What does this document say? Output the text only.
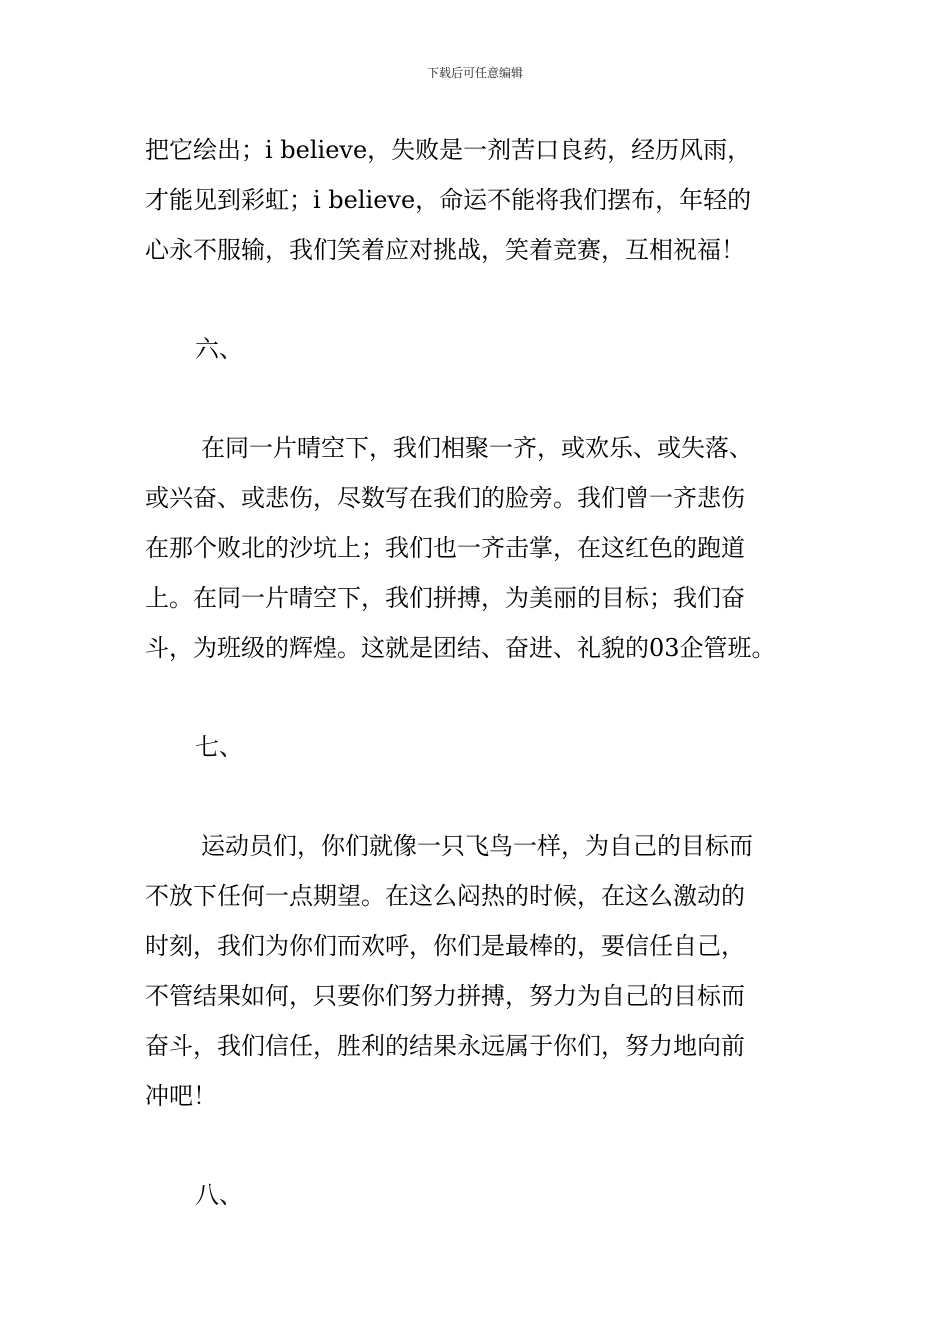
下载后可任意编辑
把它绘出；i believe，失败是一剂苦口良药，经历风雨，
才能见到彩虹；i believe，命运不能将我们摆布，年轻的
心永不服输，我们笑着应对挑战，笑着竞赛，互相祝福！
六、
在同一片晴空下，我们相聚一齐，或欢乐、或失落、
或兴奋、或悲伤，尽数写在我们的脸旁。我们曾一齐悲伤
在那个败北的沙坑上；我们也一齐击掌，在这红色的跑道
上。在同一片晴空下，我们拼搏，为美丽的目标；我们奋
斗，为班级的辉煌。这就是团结、奋进、礼貌的03企管班。
七、
运动员们，你们就像一只飞鸟一样，为自己的目标而
不放下任何一点期望。在这么闷热的时候，在这么激动的
时刻，我们为你们而欢呼，你们是最棒的，要信任自己，
不管结果如何，只要你们努力拼搏，努力为自己的目标而
奋斗，我们信任，胜利的结果永远属于你们，努力地向前
冲吧！
八、
